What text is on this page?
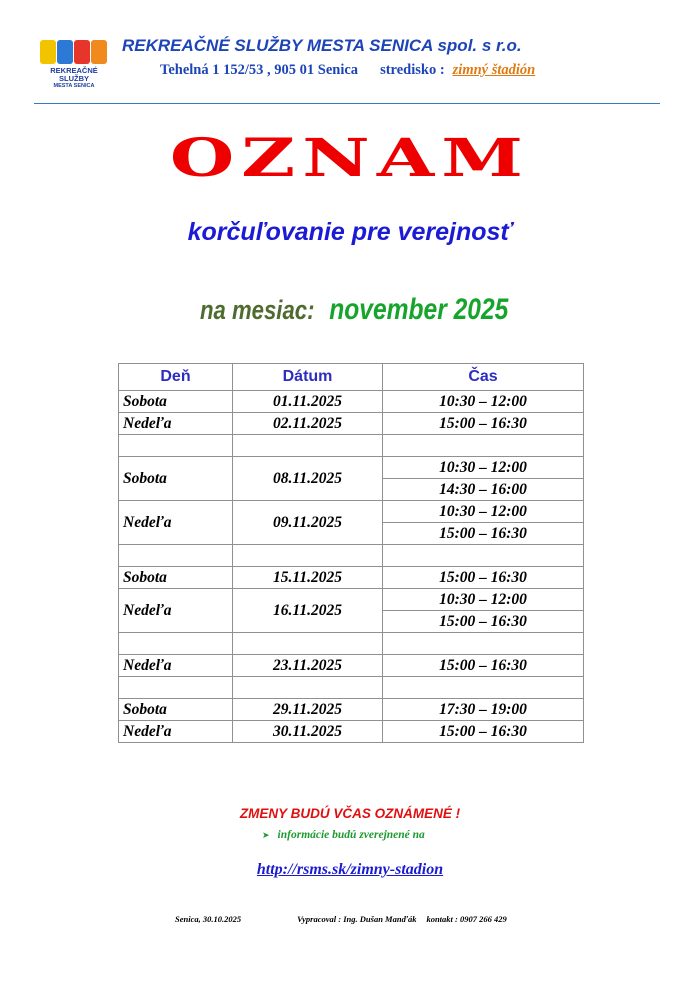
REKREAČNÉ SLUŽBY
MESTA SENICA
REKREAČNÉ SLUŽBY MESTA SENICA spol. s r.o.
Tehelná 1 152/53 , 905 01 Senica stredisko : zimný štadión
OZNAM
korčuľovanie pre verejnosť
na mesiac: november 2025
Deň	Dátum	Čas
Sobota	01.11.2025	10:30 – 12:00
Nedeľa	02.11.2025	15:00 – 16:30

Sobota	08.11.2025	10:30 – 12:00
		14:30 – 16:00
Nedeľa	09.11.2025	10:30 – 12:00
		15:00 – 16:30

Sobota	15.11.2025	15:00 – 16:30
Nedeľa	16.11.2025	10:30 – 12:00
		15:00 – 16:30

Nedeľa	23.11.2025	15:00 – 16:30

Sobota	29.11.2025	17:30 – 19:00
Nedeľa	30.11.2025	15:00 – 16:30
ZMENY BUDÚ VČAS OZNÁMENÉ !
➤ informácie budú zverejnené na
http://rsms.sk/zimny-stadion
Senica, 30.10.2025	Vypracoval : Ing. Dušan Manďák kontakt : 0907 266 429
